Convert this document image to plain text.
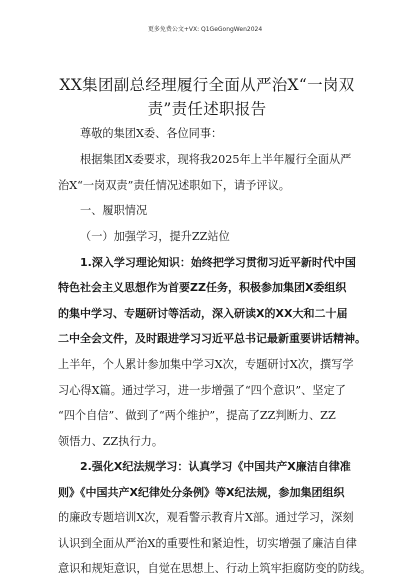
更多免费公文+VX: Q1GeGongWen2024
XX集团副总经理履行全面从严治X“一岗双
责”责任述职报告
尊敬的集团X委、各位同事：
根据集团X委要求，现将我2025年上半年履行全面从严
治X“一岗双责”责任情况述职如下，请予评议。
一、履职情况
（一）加强学习，提升ZZ站位
1.深入学习理论知识：始终把学习贯彻习近平新时代中国
特色社会主义思想作为首要ZZ任务，积极参加集团X委组织
的集中学习、专题研讨等活动，深入研读X的XX大和二十届
二中全会文件，及时跟进学习习近平总书记最新重要讲话精神。
上半年，个人累计参加集中学习X次，专题研讨X次，撰写学
习心得X篇。通过学习，进一步增强了“四个意识”、坚定了
“四个自信”、做到了“两个维护”，提高了ZZ判断力、ZZ
领悟力、ZZ执行力。
2.强化X纪法规学习：认真学习《中国共产X廉洁自律准
则》《中国共产X纪律处分条例》等X纪法规，参加集团组织
的廉政专题培训X次，观看警示教育片X部。通过学习，深刻
认识到全面从严治X的重要性和紧迫性，切实增强了廉洁自律
意识和规矩意识，自觉在思想上、行动上筑牢拒腐防变的防线。
